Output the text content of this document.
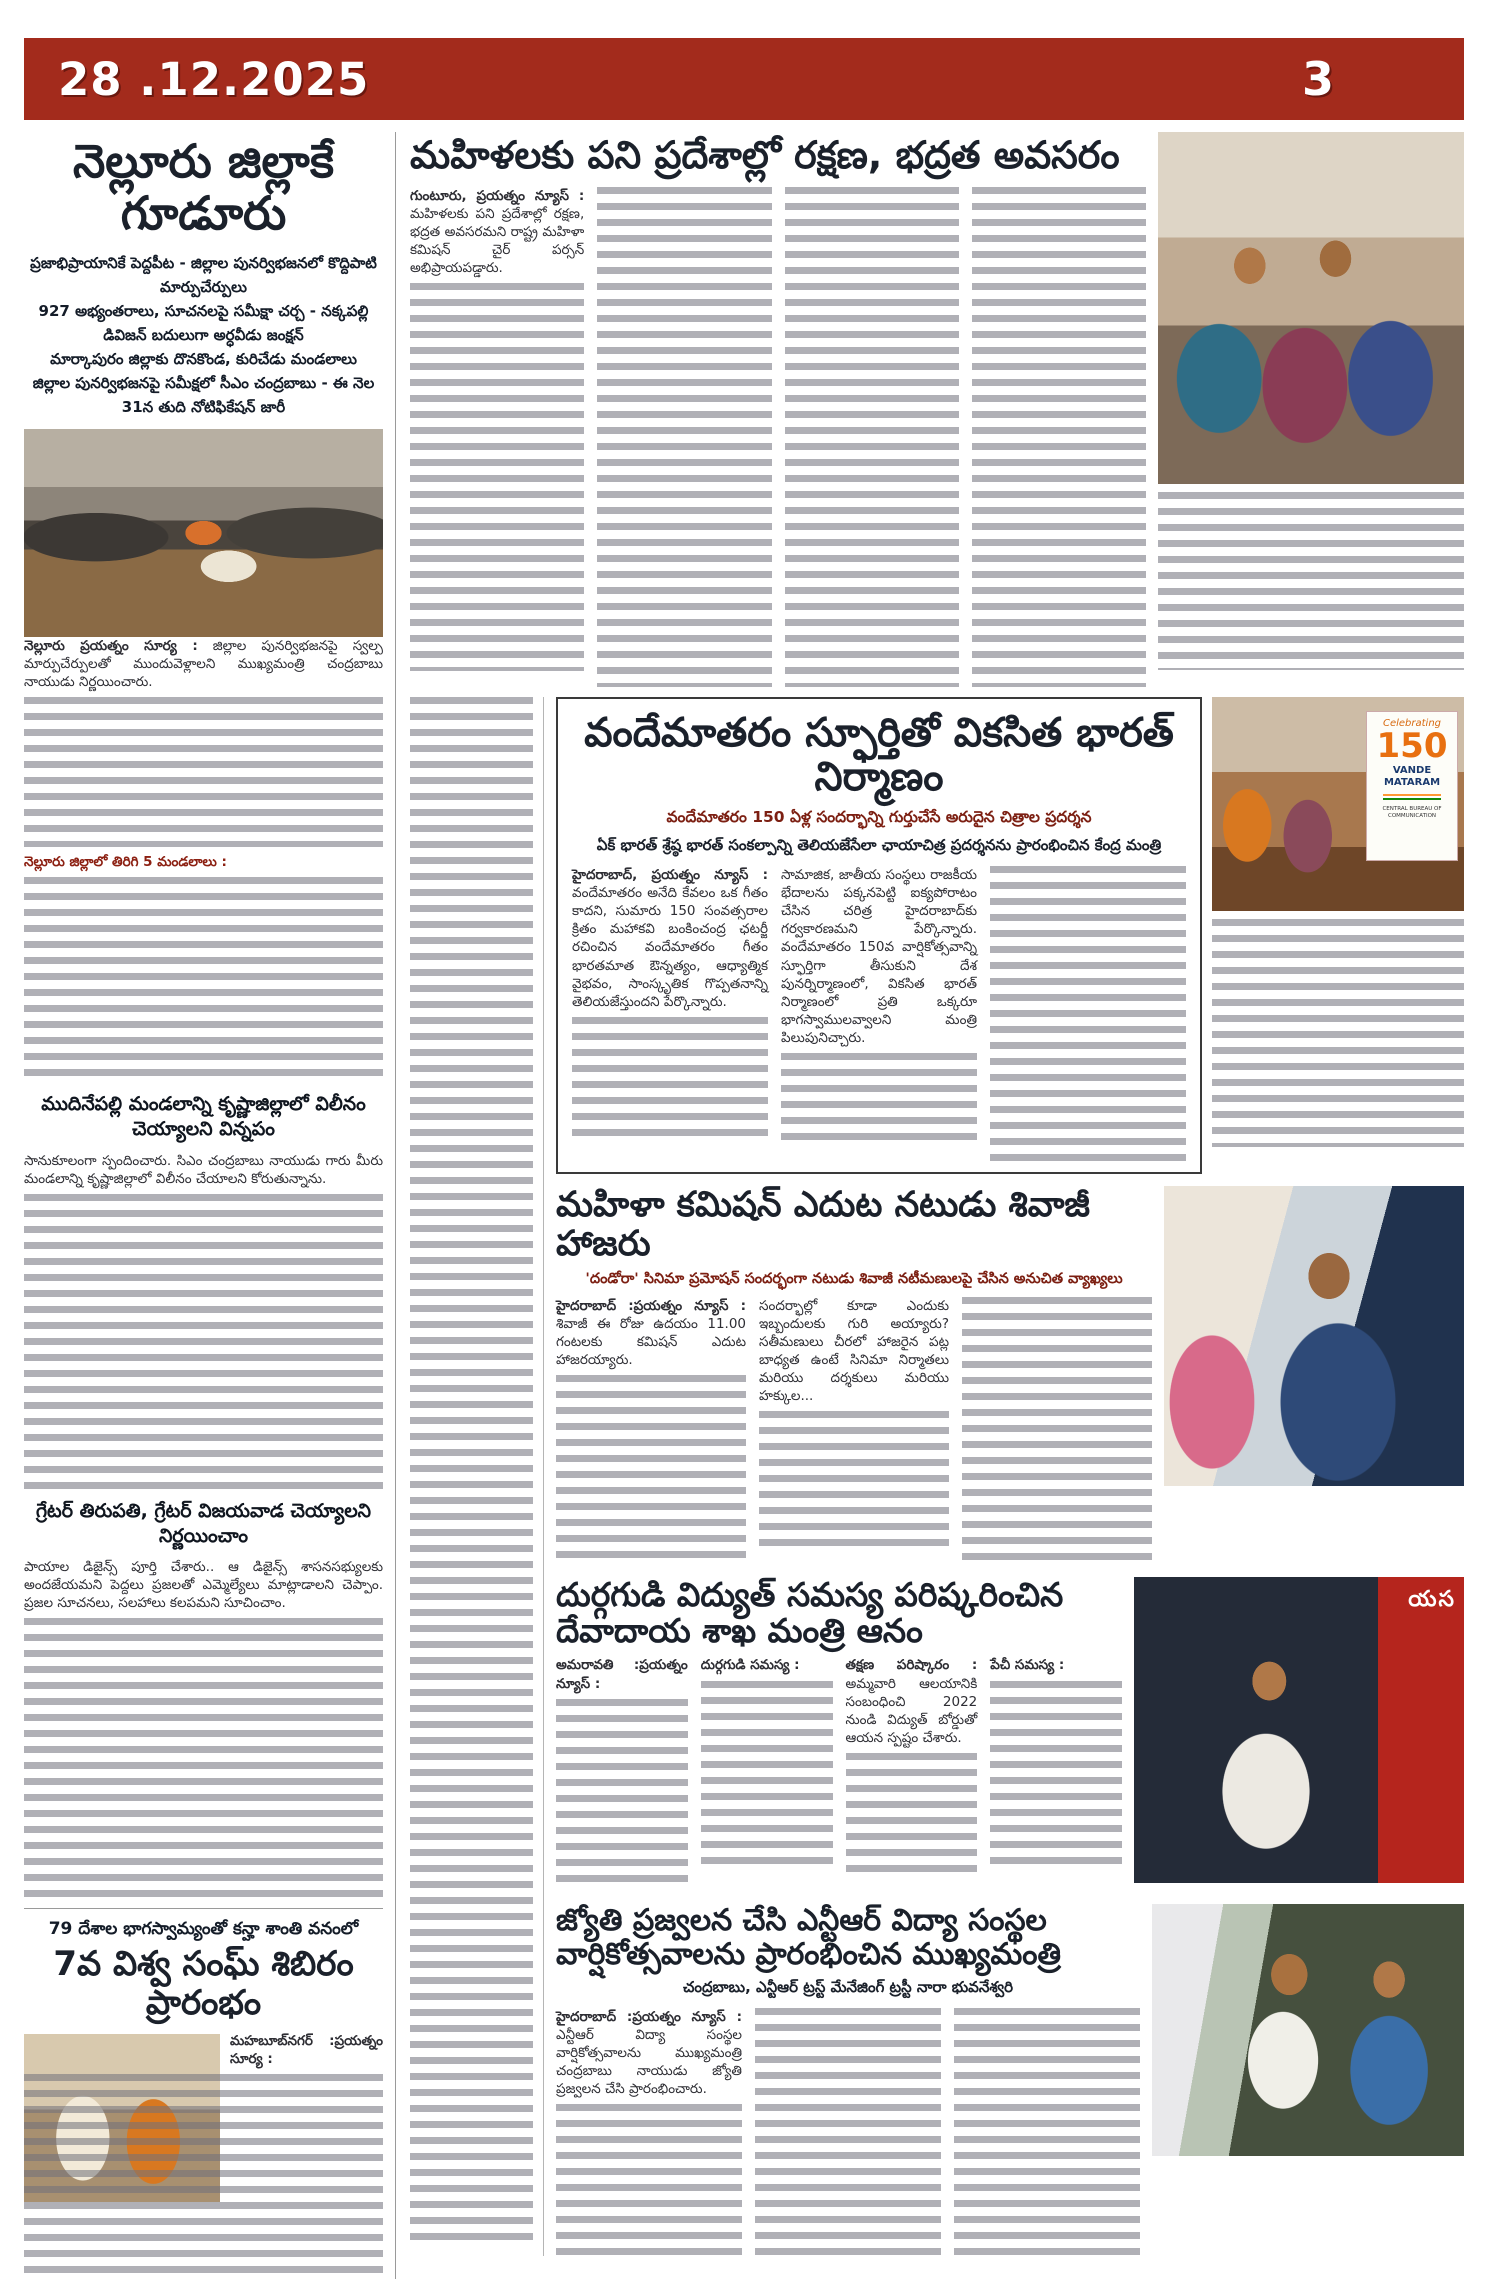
28 .12.2025	3
నెల్లూరు జిల్లాకే గూడూరు
ప్రజాభిప్రాయానికే పెద్దపీట - జిల్లాల పునర్విభజనలో కొద్దిపాటి మార్పుచేర్పులు
927 అభ్యంతరాలు, సూచనలపై సమీక్షా చర్చ - నక్కపల్లి డివిజన్ బదులుగా అర్ధవీడు జంక్షన్
మార్కాపురం జిల్లాకు దొనకొండ, కురిచేడు మండలాలు
జిల్లాల పునర్విభజనపై సమీక్షలో సీఎం చంద్రబాబు - ఈ నెల 31న తుది నోటిఫికేషన్ జారీ

నెల్లూరు ప్రయత్నం సూర్య : జిల్లాల పునర్విభజనపై స్వల్ప మార్పుచేర్పులతో ముందువెళ్లాలని ముఖ్యమంత్రి చంద్రబాబు నాయుడు నిర్ణయించారు.

నెల్లూరు జిల్లాలో తిరిగి 5 మండలాలు :

ముదినేపల్లి మండలాన్ని కృష్ణాజిల్లాలో విలీనం చెయ్యాలని విన్నపం

సానుకూలంగా స్పందించారు. సిఎం చంద్రబాబు నాయుడు గారు మీరు మండలాన్ని కృష్ణాజిల్లాలో విలీనం చేయాలని కోరుతున్నాను.

గ్రేటర్ తిరుపతి, గ్రేటర్ విజయవాడ చెయ్యాలని నిర్ణయించాం

పాయాల డిజైన్స్ పూర్తి చేశారు.. ఆ డిజైన్స్ శాసనసభ్యులకు అందజేయమని పెద్దలు ప్రజలతో ఎమ్మెల్యేలు మాట్లాడాలని చెప్పాం. ప్రజల సూచనలు, సలహాలు కలపమని సూచించాం.

79 దేశాల భాగస్వామ్యంతో కన్హా శాంతి వనంలో
7వ విశ్వ సంఘ్ శిబిరం ప్రారంభం

మహబూబ్‌నగర్ :ప్రయత్నం సూర్య :

మహిళలకు పని ప్రదేశాల్లో రక్షణ, భద్రత అవసరం

గుంటూరు, ప్రయత్నం న్యూస్ : మహిళలకు పని ప్రదేశాల్లో రక్షణ, భద్రత అవసరమని రాష్ట్ర మహిళా కమిషన్ చైర్ పర్సన్ అభిప్రాయపడ్డారు.

వందేమాతరం స్ఫూర్తితో వికసిత భారత్ నిర్మాణం
వందేమాతరం 150 ఏళ్ల సందర్భాన్ని గుర్తుచేసే అరుదైన చిత్రాల ప్రదర్శన
ఏక్ భారత్ శ్రేష్ఠ భారత్ సంకల్పాన్ని తెలియజేసేలా ఛాయాచిత్ర ప్రదర్శనను ప్రారంభించిన కేంద్ర మంత్రి

హైదరాబాద్, ప్రయత్నం న్యూస్ : వందేమాతరం అనేది కేవలం ఒక గీతం కాదని, సుమారు 150 సంవత్సరాల క్రితం మహాకవి బంకించంద్ర ఛటర్జీ రచించిన వందేమాతరం గీతం భారతమాత ఔన్నత్యం, ఆధ్యాత్మిక వైభవం, సాంస్కృతిక గొప్పతనాన్ని తెలియజేస్తుందని పేర్కొన్నారు.

సామాజిక, జాతీయ సంస్థలు రాజకీయ భేదాలను పక్కనపెట్టి ఐక్యపోరాటం చేసిన చరిత్ర హైదరాబాద్‌కు గర్వకారణమని పేర్కొన్నారు. వందేమాతరం 150వ వార్షికోత్సవాన్ని స్ఫూర్తిగా తీసుకుని దేశ పునర్నిర్మాణంలో, వికసిత భారత్ నిర్మాణంలో ప్రతి ఒక్కరూ భాగస్వాములవ్వాలని మంత్రి పిలుపునిచ్చారు.

Celebrating
150
VANDE MATARAM
CENTRAL BUREAU OF COMMUNICATION
మహిళా కమిషన్ ఎదుట నటుడు శివాజీ హాజరు
'దండోరా' సినిమా ప్రమోషన్ సందర్భంగా నటుడు శివాజీ నటీమణులపై చేసిన అనుచిత వ్యాఖ్యలు

హైదరాబాద్ :ప్రయత్నం న్యూస్ : శివాజీ ఈ రోజు ఉదయం 11.00 గంటలకు కమిషన్ ఎదుట హాజరయ్యారు.

సందర్భాల్లో కూడా ఎందుకు ఇబ్బందులకు గురి అయ్యారు? సతీమణులు చీరలో హాజరైన పట్ల బాధ్యత ఉంటే సినిమా నిర్మాతలు మరియు దర్శకులు మరియు హక్కుల...

దుర్గగుడి విద్యుత్ సమస్య పరిష్కరించిన దేవాదాయ శాఖ మంత్రి ఆనం

అమరావతి :ప్రయత్నం న్యూస్ :

దుర్గగుడి సమస్య :	తక్షణ పరిష్కారం : అమ్మవారి ఆలయానికి సంబంధించి 2022 నుండి విద్యుత్ బోర్డుతో ఆయన స్పష్టం చేశారు.

పేచీ సమస్య :

యస
జ్యోతి ప్రజ్వలన చేసి ఎన్టీఆర్ విద్యా సంస్థల వార్షికోత్సవాలను ప్రారంభించిన ముఖ్యమంత్రి
చంద్రబాబు, ఎన్టీఆర్ ట్రస్ట్ మేనేజింగ్ ట్రస్టీ నారా భువనేశ్వరి

హైదరాబాద్ :ప్రయత్నం న్యూస్ : ఎన్టీఆర్ విద్యా సంస్థల వార్షికోత్సవాలను ముఖ్యమంత్రి చంద్రబాబు నాయుడు జ్యోతి ప్రజ్వలన చేసి ప్రారంభించారు.
